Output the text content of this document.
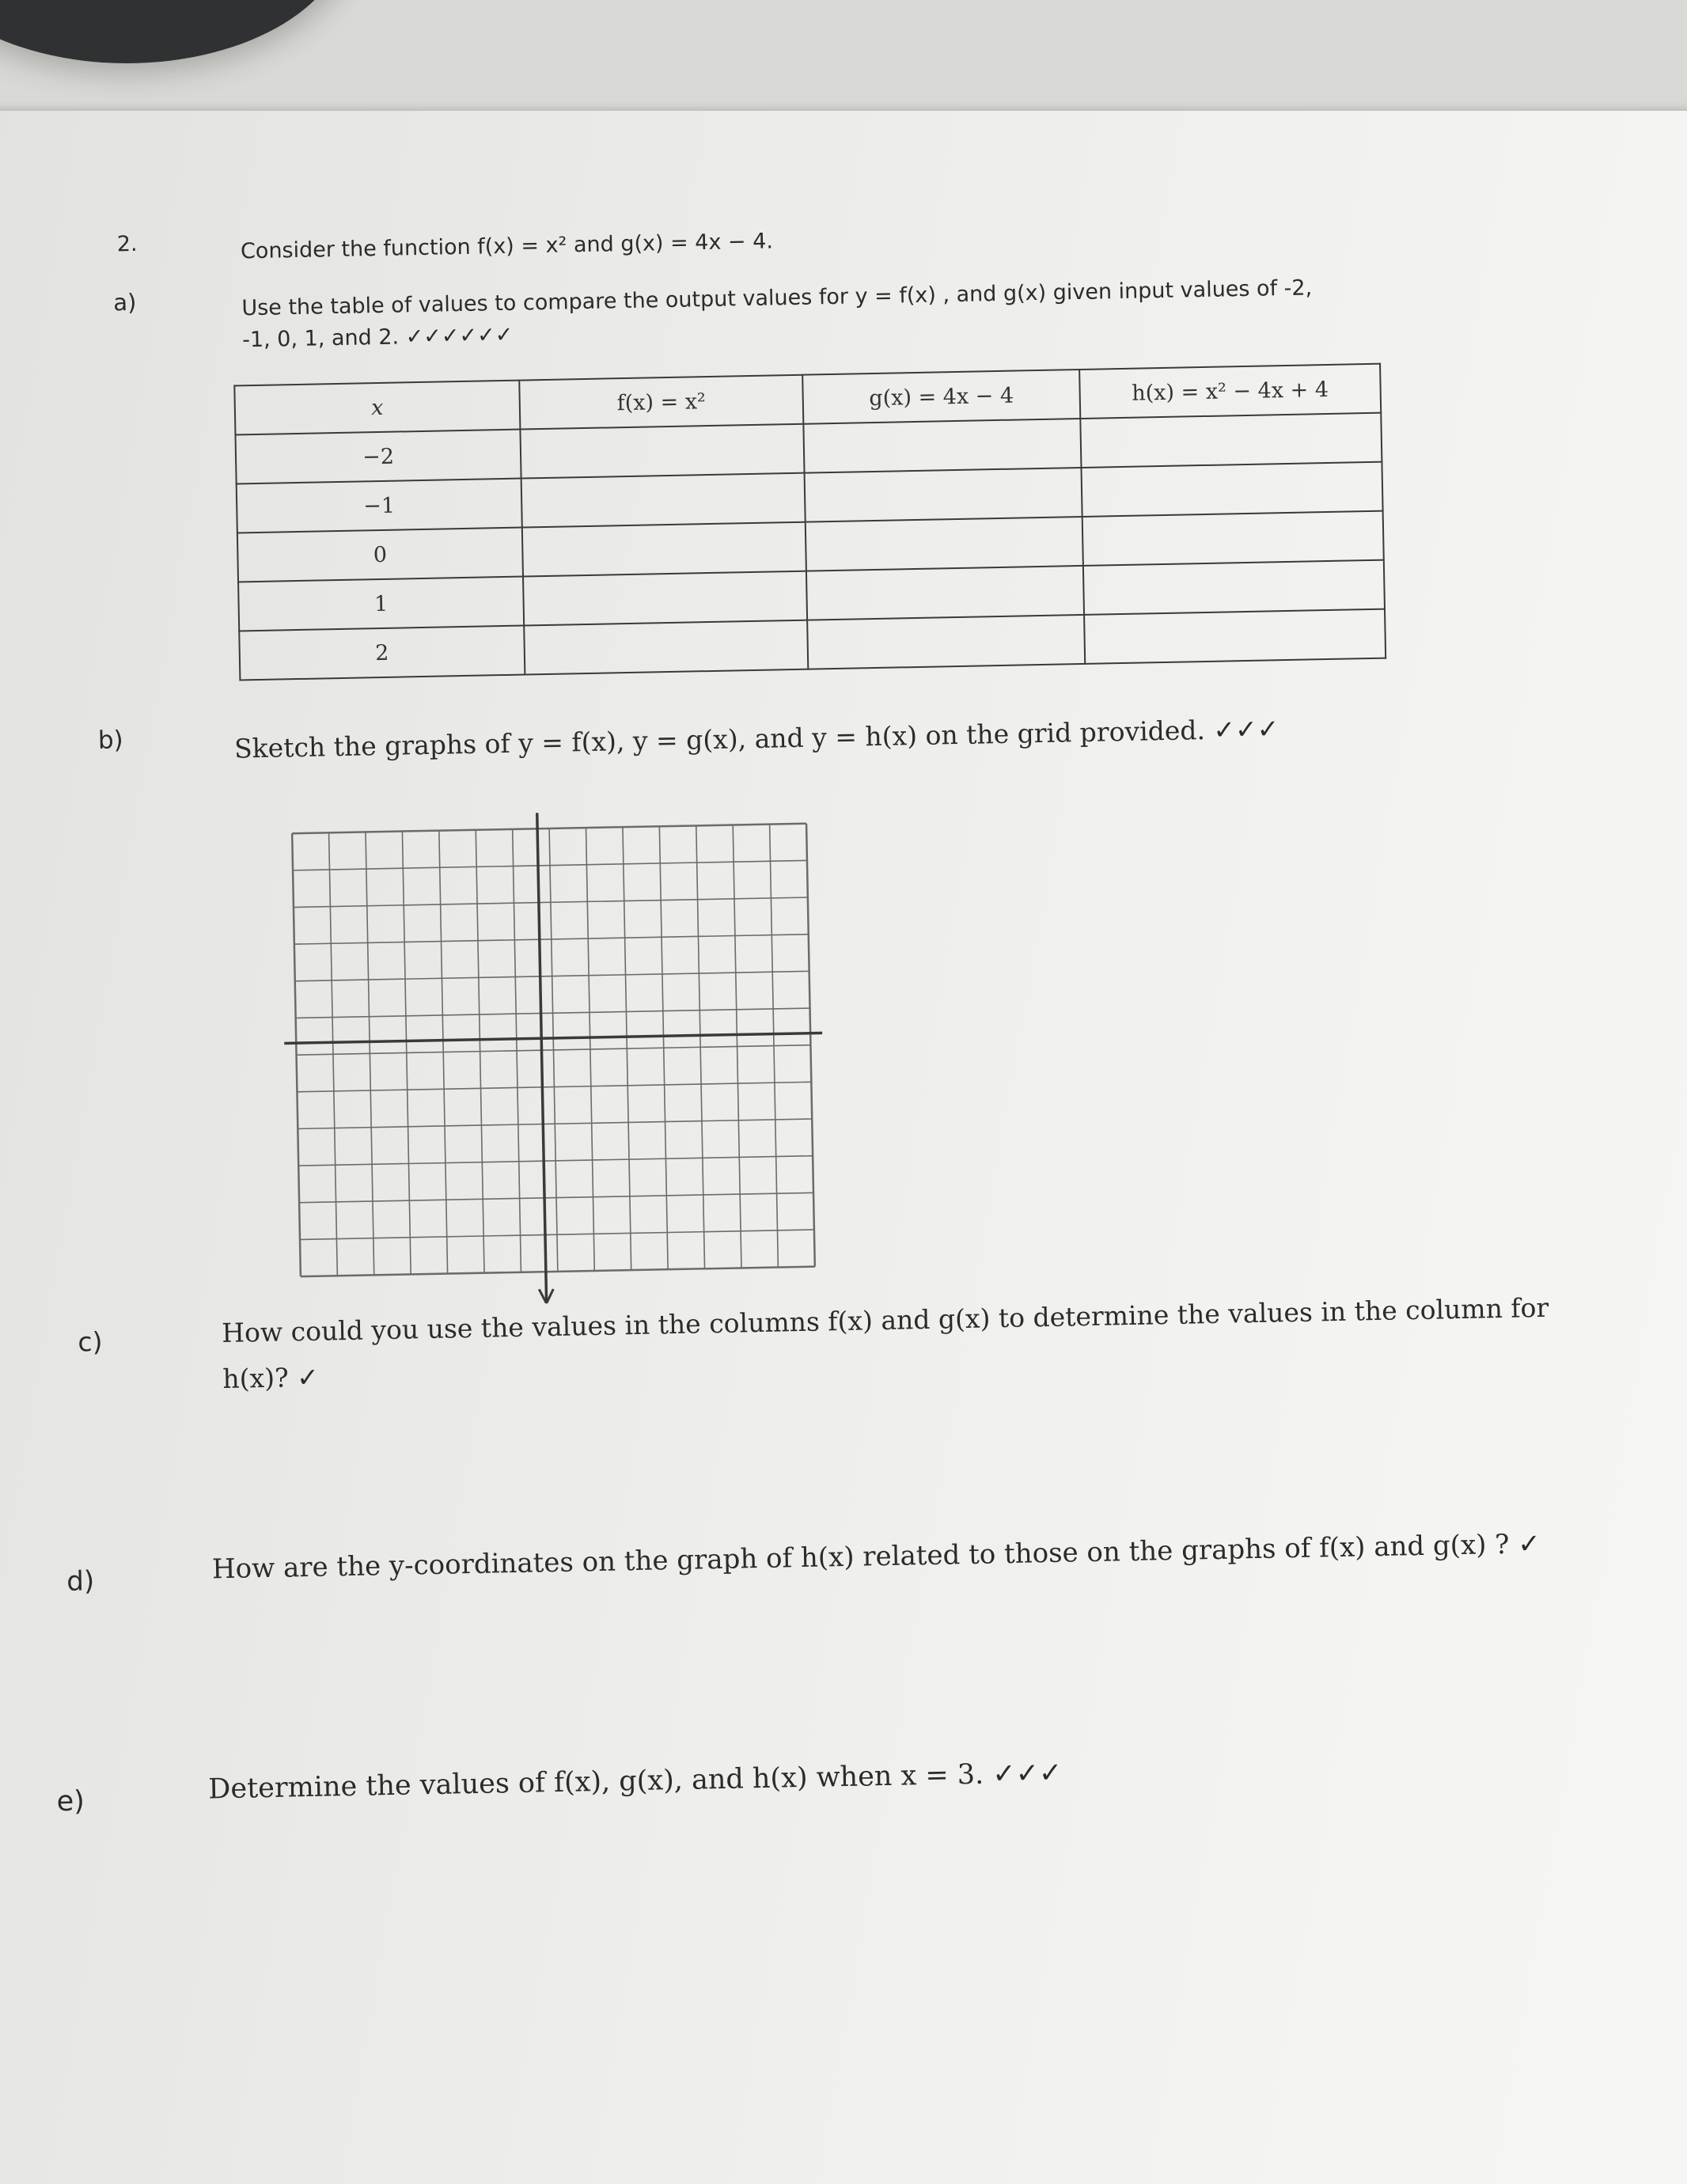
2.	Consider the function f(x) = x² and g(x) = 4x − 4.
a)	Use the table of values to compare the output values for y = f(x) , and g(x) given input values of -2,
-1, 0, 1, and 2. ✓✓✓✓✓✓
x	f(x) = x²	g(x) = 4x − 4	h(x) = x² − 4x + 4
−2			
−1			
0			
1			
2			
b)	Sketch the graphs of y = f(x), y = g(x), and y = h(x) on the grid provided. ✓✓✓
c)	How could you use the values in the columns f(x) and g(x) to determine the values in the column for
h(x)? ✓
d)	How are the y-coordinates on the graph of h(x) related to those on the graphs of f(x) and g(x) ? ✓
e)	Determine the values of f(x), g(x), and h(x) when x = 3. ✓✓✓
